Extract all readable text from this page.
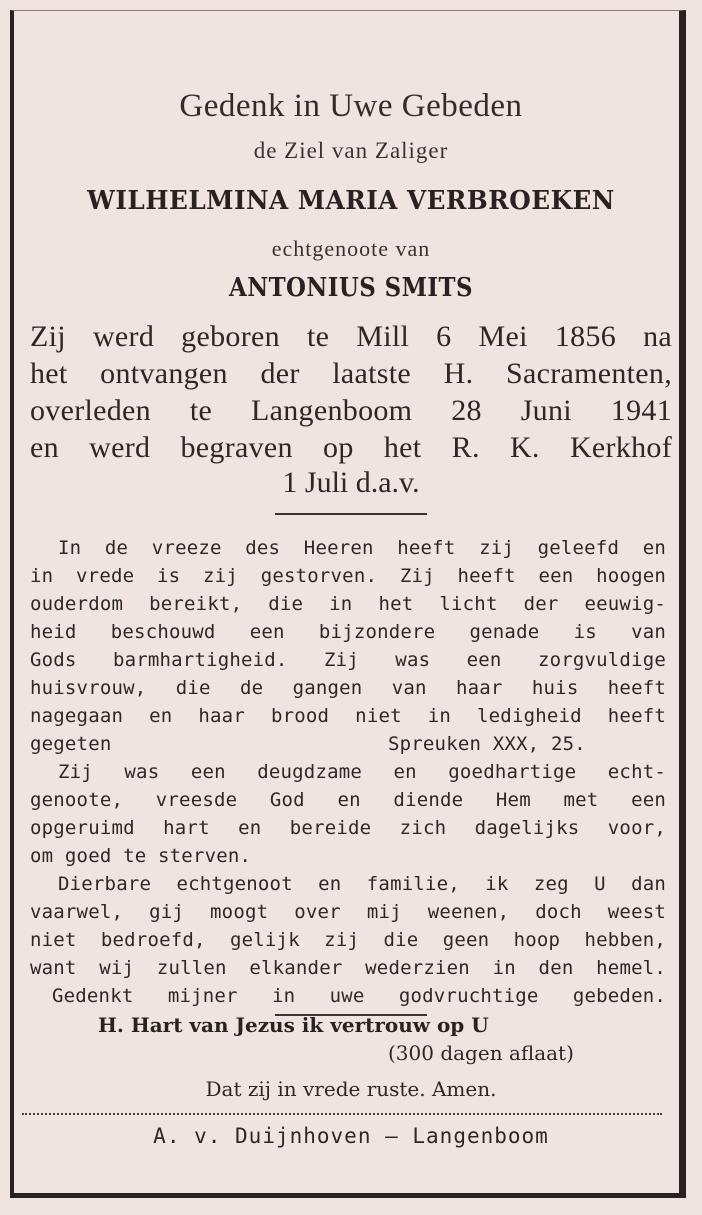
Gedenk in Uwe Gebeden
de Ziel van Zaliger
WILHELMINA MARIA VERBROEKEN
echtgenoote van
ANTONIUS SMITS
Zij werd geboren te Mill 6 Mei 1856 na
het ontvangen der laatste H. Sacramenten,
overleden te Langenboom 28 Juni 1941
en werd begraven op het R. K. Kerkhof
1 Juli d.a.v.
In de vreeze des Heeren heeft zij geleefd en
in vrede is zij gestorven. Zij heeft een hoogen
ouderdom bereikt, die in het licht der eeuwig-
heid beschouwd een bijzondere genade is van
Gods barmhartigheid. Zij was een zorgvuldige
huisvrouw, die de gangen van haar huis heeft
nagegaan en haar brood niet in ledigheid heeft
gegeten	Spreuken XXX, 25.
Zij was een deugdzame en goedhartige echt-
genoote, vreesde God en diende Hem met een
opgeruimd hart en bereide zich dagelijks voor,
om goed te sterven.
Dierbare echtgenoot en familie, ik zeg U dan
vaarwel, gij moogt over mij weenen, doch weest
niet bedroefd, gelijk zij die geen hoop hebben,
want wij zullen elkander wederzien in den hemel.
Gedenkt mijner in uwe godvruchtige gebeden.
H. Hart van Jezus ik vertrouw op U
(300 dagen aflaat)
Dat zij in vrede ruste. Amen.
A. v. Duijnhoven — Langenboom
